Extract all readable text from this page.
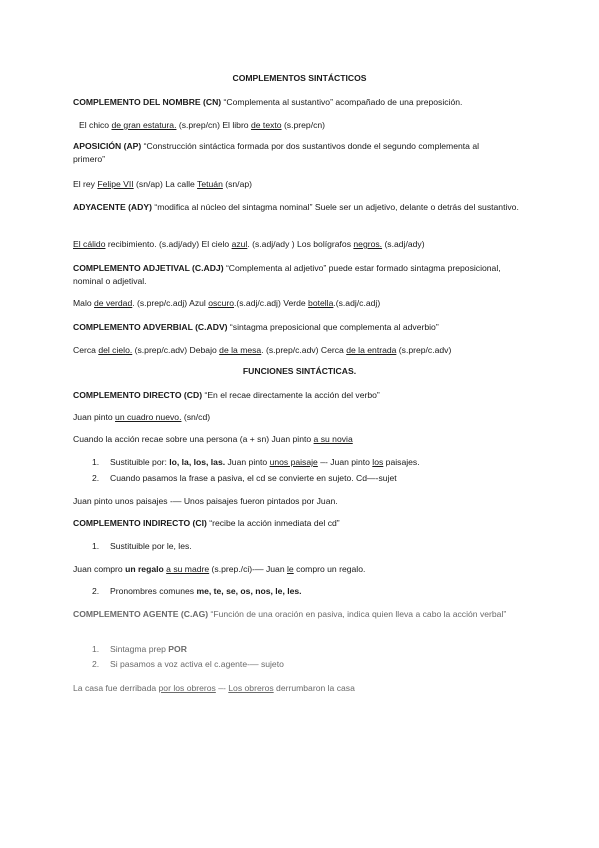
COMPLEMENTOS SINTÁCTICOS
COMPLEMENTO DEL NOMBRE (CN) “Complementa al sustantivo” acompañado de una preposición.
El chico de gran estatura. (s.prep/cn) El libro de texto (s.prep/cn)
APOSICIÓN (AP) “Construcción sintáctica formada por dos sustantivos donde el segundo complementa al primero”
El rey Felipe VII (sn/ap) La calle Tetuán (sn/ap)
ADYACENTE (ADY) “modifica al núcleo del sintagma nominal” Suele ser un adjetivo, delante o detrás del sustantivo.
El cálido recibimiento. (s.adj/ady) El cielo azul. (s.adj/ady ) Los bolígrafos negros. (s.adj/ady)
COMPLEMENTO ADJETIVAL (C.ADJ) “Complementa al adjetivo” puede estar formado sintagma preposicional, nominal o adjetival.
Malo de verdad. (s.prep/c.adj) Azul oscuro.(s.adj/c.adj) Verde botella.(s.adj/c.adj)
COMPLEMENTO ADVERBIAL (C.ADV) “sintagma preposicional que complementa al adverbio”
Cerca del cielo. (s.prep/c.adv) Debajo de la mesa. (s.prep/c.adv) Cerca de la entrada (s.prep/c.adv)
FUNCIONES SINTÁCTICAS.
COMPLEMENTO DIRECTO (CD) “En el recae directamente la acción del verbo”
Juan pinto un cuadro nuevo. (sn/cd)
Cuando la acción recae sobre una persona (a + sn) Juan pinto a su novia
1. Sustituible por: lo, la, los, las. Juan pinto unos paisaje –- Juan pinto los paisajes.
2. Cuando pasamos la frase a pasiva, el cd se convierte en sujeto. Cd—-sujet
Juan pinto unos paisajes -— Unos paisajes fueron pintados por Juan.
COMPLEMENTO INDIRECTO (CI) “recibe la acción inmediata del cd”
1. Sustituible por le, les.
Juan compro un regalo a su madre (s.prep./ci)-— Juan le compro un regalo.
2. Pronombres comunes me, te, se, os, nos, le, les.
COMPLEMENTO AGENTE (C.AG) “Función de una oración en pasiva, indica quien lleva a cabo la acción verbal”
1. Sintagma prep POR
2. Si pasamos a voz activa el c.agente-— sujeto
La casa fue derribada por los obreros –- Los obreros derrumbaron la casa
